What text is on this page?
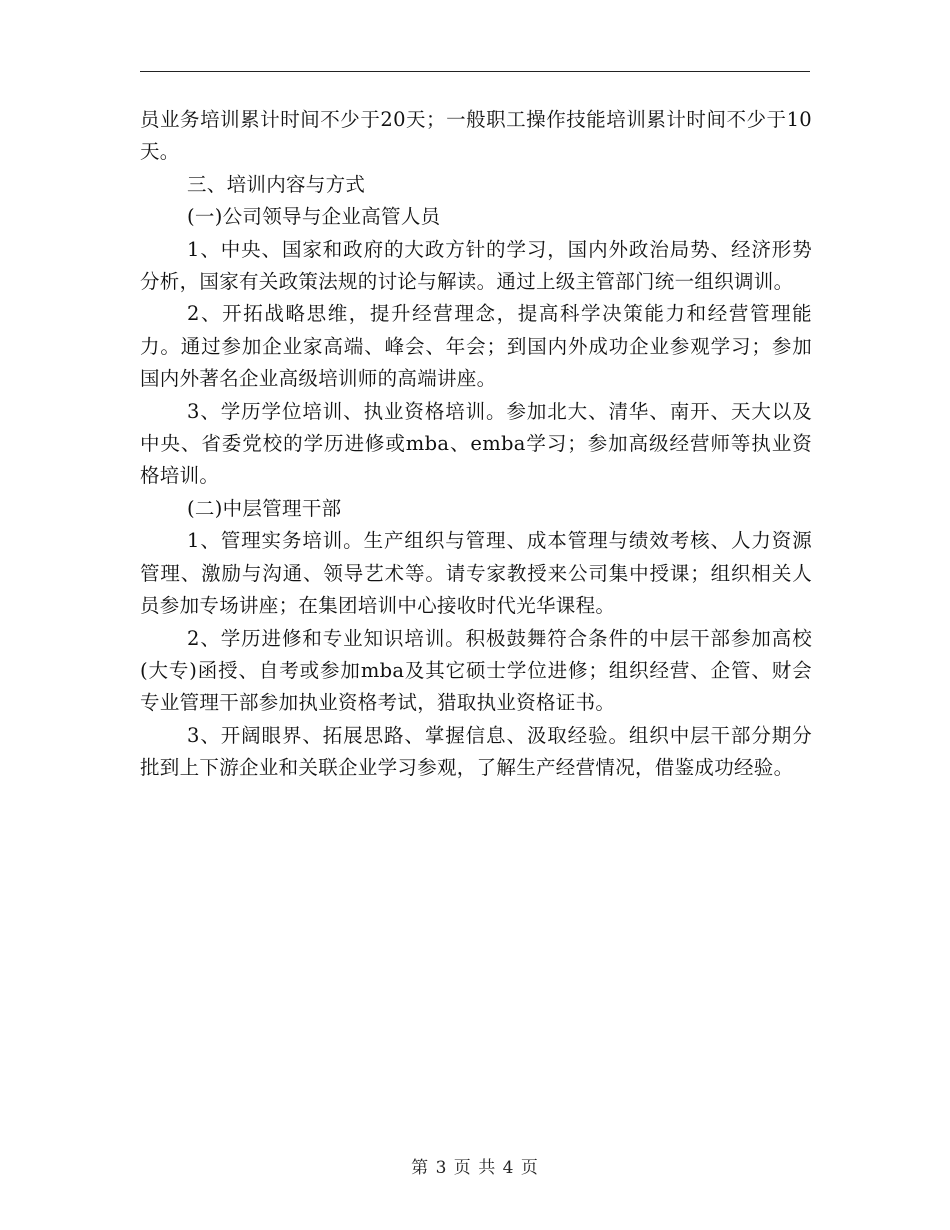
员业务培训累计时间不少于20天；一般职工操作技能培训累计时间不少于10天。

三、培训内容与方式

(一)公司领导与企业高管人员

1、中央、国家和政府的大政方针的学习，国内外政治局势、经济形势分析，国家有关政策法规的讨论与解读。通过上级主管部门统一组织调训。

2、开拓战略思维，提升经营理念，提高科学决策能力和经营管理能力。通过参加企业家高端、峰会、年会；到国内外成功企业参观学习；参加国内外著名企业高级培训师的高端讲座。

3、学历学位培训、执业资格培训。参加北大、清华、南开、天大以及中央、省委党校的学历进修或mba、emba学习；参加高级经营师等执业资格培训。

(二)中层管理干部

1、管理实务培训。生产组织与管理、成本管理与绩效考核、人力资源管理、激励与沟通、领导艺术等。请专家教授来公司集中授课；组织相关人员参加专场讲座；在集团培训中心接收时代光华课程。

2、学历进修和专业知识培训。积极鼓舞符合条件的中层干部参加高校(大专)函授、自考或参加mba及其它硕士学位进修；组织经营、企管、财会专业管理干部参加执业资格考试，猎取执业资格证书。

3、开阔眼界、拓展思路、掌握信息、汲取经验。组织中层干部分期分批到上下游企业和关联企业学习参观，了解生产经营情况，借鉴成功经验。

第 3 页 共 4 页
